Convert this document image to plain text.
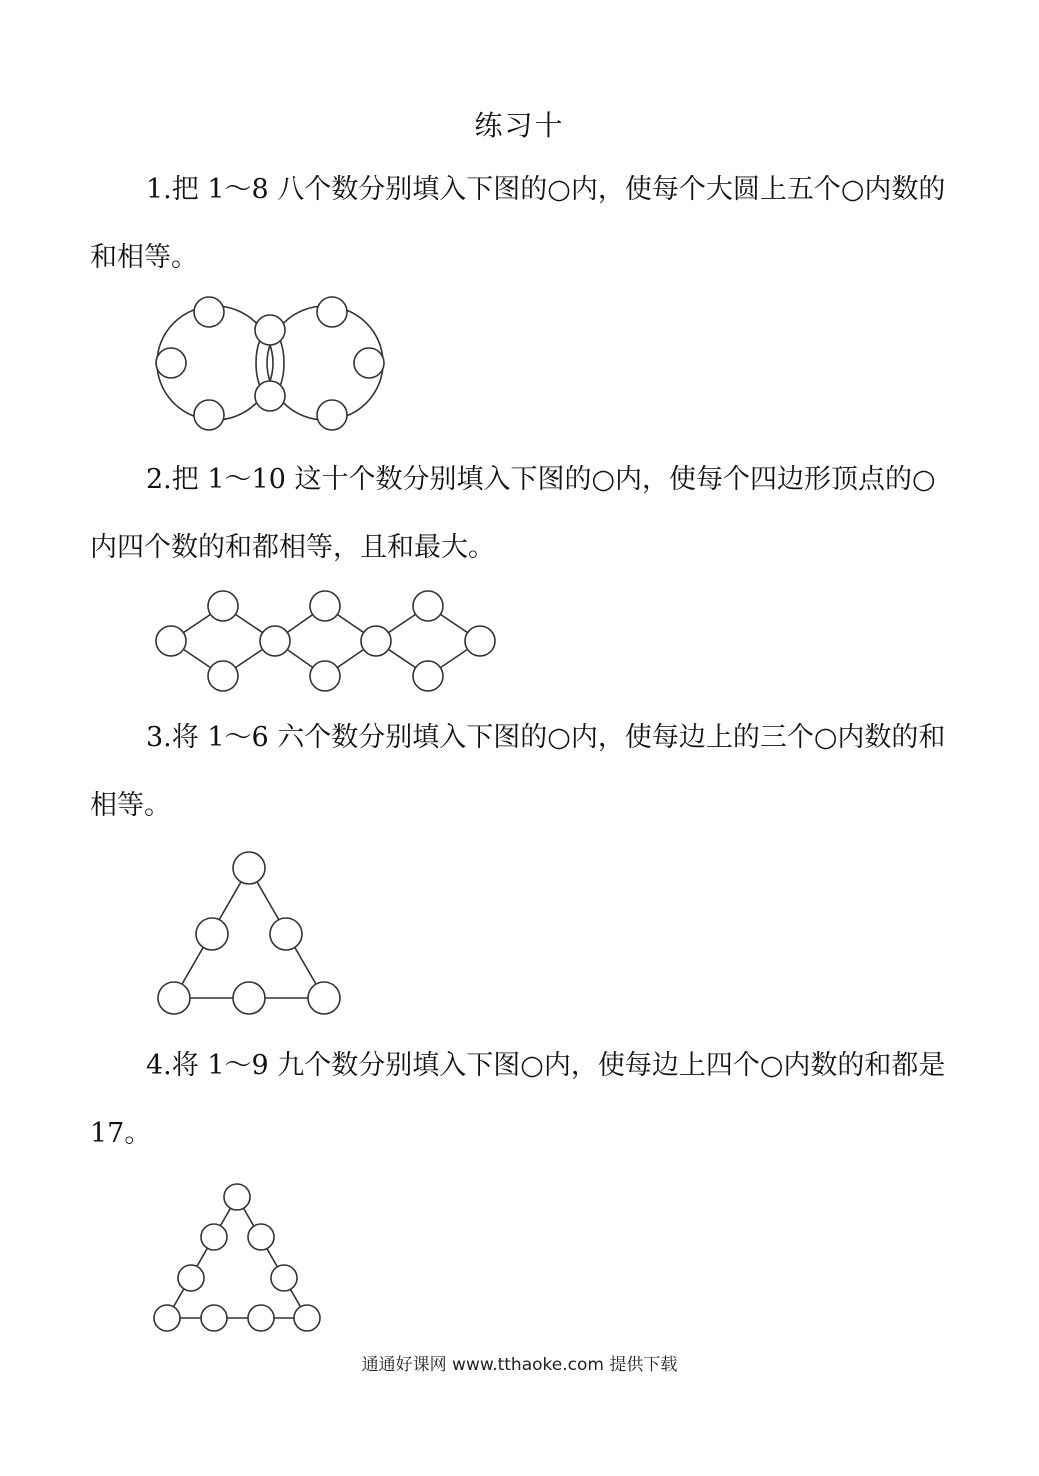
练习十

1.把 1～8 八个数分别填入下图的○内，使每个大圆上五个○内数的和相等。

2.把 1～10 这十个数分别填入下图的○内，使每个四边形顶点的○内四个数的和都相等，且和最大。

3.将 1～6 六个数分别填入下图的○内，使每边上的三个○内数的和相等。

4.将 1～9 九个数分别填入下图○内，使每边上四个○内数的和都是 17。

通通好课网 www.tthaoke.com 提供下载
